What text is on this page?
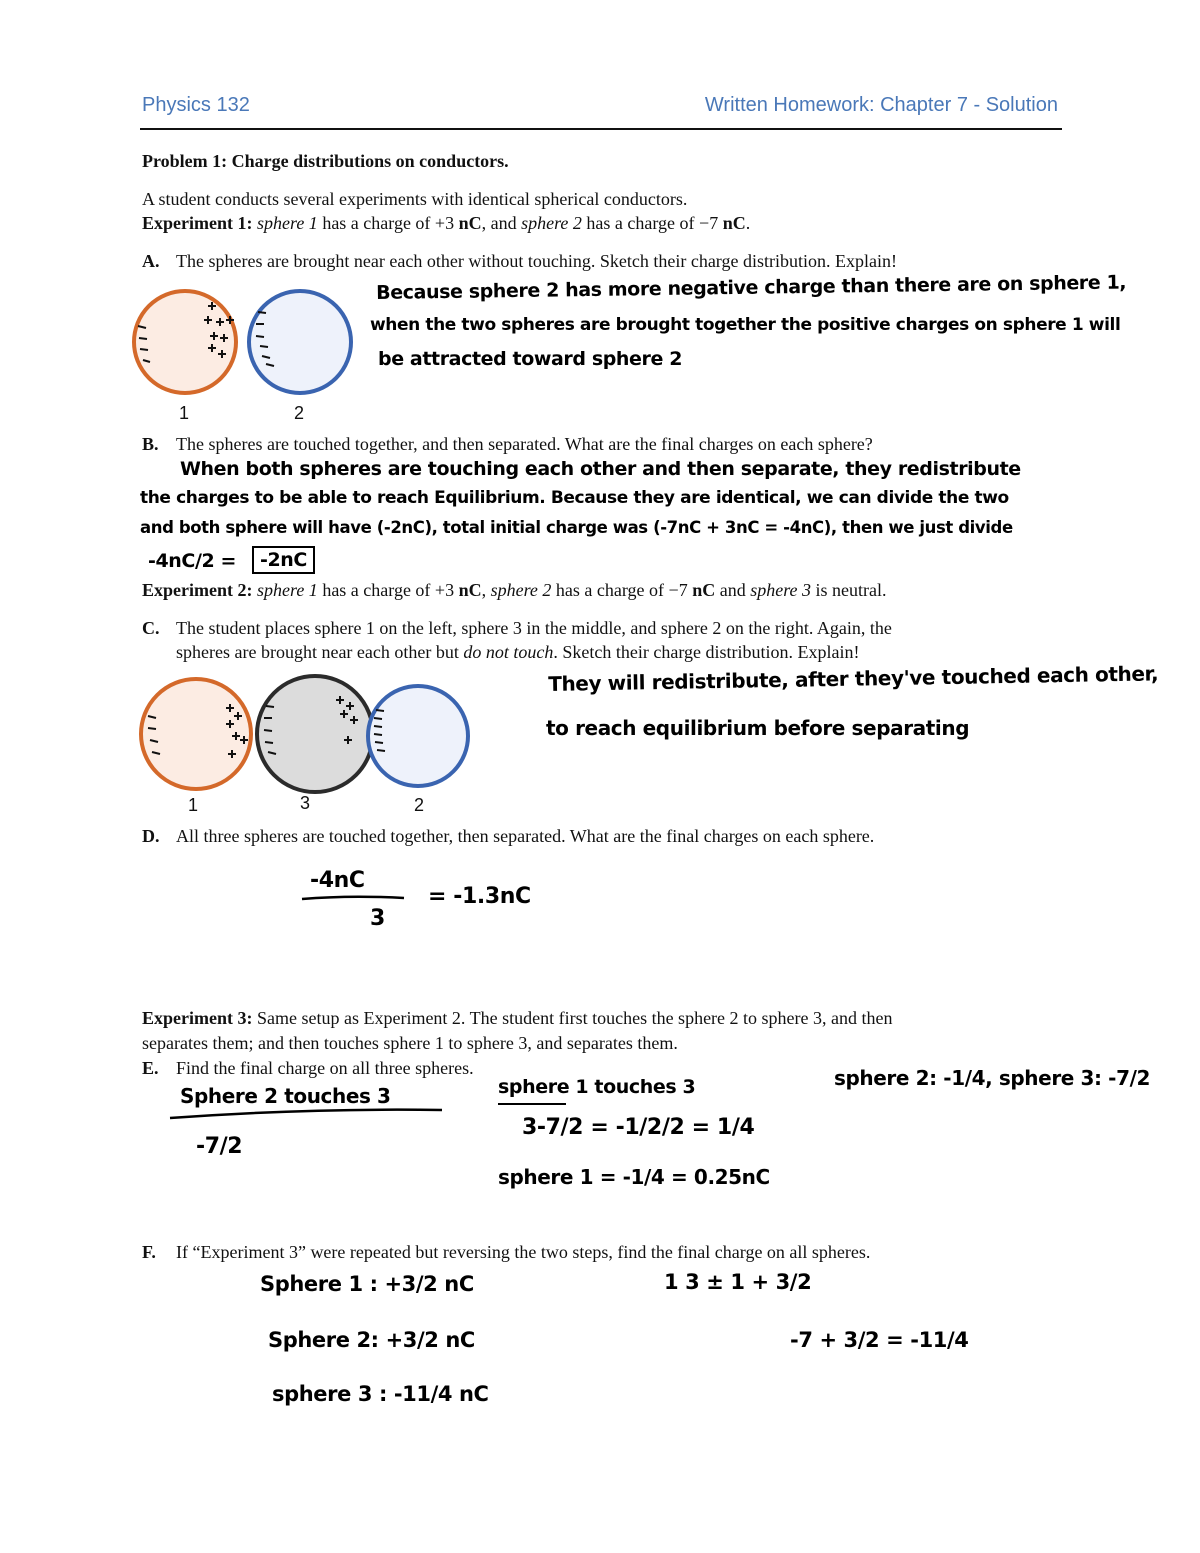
Physics 132	Written Homework: Chapter 7 - Solution
Problem 1: Charge distributions on conductors.
A student conducts several experiments with identical spherical conductors.
Experiment 1: sphere 1 has a charge of +3 nC, and sphere 2 has a charge of −7 nC.
A. The spheres are brought near each other without touching. Sketch their charge distribution. Explain!
1	2
Because sphere 2 has more negative charge than there are on sphere 1,
when the two spheres are brought together the positive charges on sphere 1 will
be attracted toward sphere 2
B. The spheres are touched together, and then separated. What are the final charges on each sphere?
When both spheres are touching each other and then separate, they redistribute
the charges to be able to reach Equilibrium. Because they are identical, we can divide the two
and both sphere will have (-2nC), total initial charge was (-7nC + 3nC = -4nC), then we just divide
-4nC/2 =	-2nC
Experiment 2: sphere 1 has a charge of +3 nC, sphere 2 has a charge of −7 nC and sphere 3 is neutral.
C. The student places sphere 1 on the left, sphere 3 in the middle, and sphere 2 on the right. Again, the
spheres are brought near each other but do not touch. Sketch their charge distribution. Explain!
1	3	2
They will redistribute, after they've touched each other,
to reach equilibrium before separating
D. All three spheres are touched together, then separated. What are the final charges on each sphere.
-4nC
3
= -1.3nC
Experiment 3: Same setup as Experiment 2. The student first touches the sphere 2 to sphere 3, and then
separates them; and then touches sphere 1 to sphere 3, and separates them.
E. Find the final charge on all three spheres.
Sphere 2 touches 3
-7/2
sphere 1 touches 3
3-7/2 = -1/2/2 = 1/4
sphere 1 = -1/4 = 0.25nC
sphere 2: -1/4, sphere 3: -7/2
F. If “Experiment 3” were repeated but reversing the two steps, find the final charge on all spheres.
Sphere 1 : +3/2 nC
Sphere 2: +3/2 nC
sphere 3 : -11/4 nC
1 3 ± 1 + 3/2
-7 + 3/2 = -11/4
